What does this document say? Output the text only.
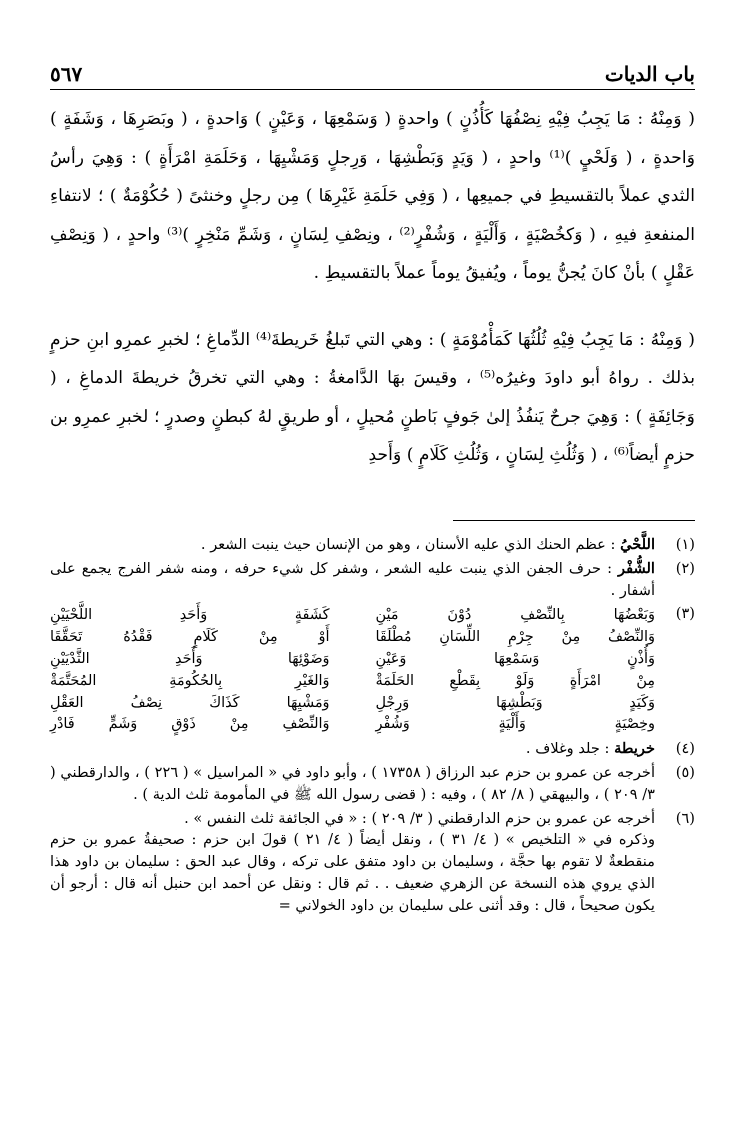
باب الديات
٥٦٧

( وَمِنْهُ : مَا يَجِبُ فِيْهِ نِصْفُهَا كَأُذُنٍ ) واحدةٍ ( وَسَمْعِهَا ، وَعَيْنٍ ) وَاحدةٍ ، ( وبَصَرِهَا ، وَشَفَةٍ ) وَاحدةٍ ، ( وَلَحْيٍ )⁽¹⁾ واحدٍ ، ( وَيَدٍ وَبَطْشِهَا ، وَرِجلٍ وَمَشْيِهَا ، وَحَلَمَةِ امْرَأَةٍ ) : وَهِيَ رأسُ الثدي عملاً بالتقسيطِ في جميعِها ، ( وَفِي حَلَمَةِ غَيْرِهَا ) مِن رجلٍ وخنثىً ( حُكُوْمَةٌ ) ؛ لانتفاءِ المنفعةِ فيهِ ، ( وَكخُصْيَةٍ ، وَأَلْيَةٍ ، وَشُفْرٍ⁽²⁾ ، ونِصْفِ لِسَانٍ ، وَشَمِّ مَنْخِرٍ )⁽³⁾ واحدٍ ، ( وَنِصْفِ عَقْلٍ ) بأنْ كانَ يُجنُّ يوماً ، ويُفيقُ يوماً عملاً بالتقسيطِ .

( وَمِنْهُ : مَا يَجِبُ فِيْهِ ثُلُثُهَا كَمَأْمُوْمَةٍ ) : وهي التي تَبلغُ خَريطةَ⁽⁴⁾ الدِّماغِ ؛ لخبرِ عمرِو ابنِ حزمٍ بذلك . رواهُ أبو داودَ وغيرُه⁽⁵⁾ ، وقيسَ بهَا الدَّامغةُ : وهي التي تخرقُ خريطةَ الدماغِ ، ( وَجَائِفَةٍ ) : وَهِيَ جرحٌ يَنفُذُ إلىٰ جَوفٍ بَاطنٍ مُحيلٍ ، أو طريقٍ لهُ كبطنٍ وصدرٍ ؛ لخبرِ عمرِو بن حزمٍ أيضاً⁽⁶⁾ ، ( وَثُلُثِ لِسَانٍ ، وَثُلُثِ كَلَامٍ ) وَأَحدِ

(١)
اللَّحْيُ : عظم الحنك الذي عليه الأسنان ، وهو من الإنسان حيث ينبت الشعر .
(٢)
الشُّفْر : حرف الجفن الذي ينبت عليه الشعر ، وشفر كل شيء حرفه ، ومنه شفر الفرج يجمع على أشفار .
(٣)
وَبَعْضُهَا بِالنِّصْفِ دُوْنَ مَيْنِ
كَشَفَةٍ وَأَحَدِ اللَّحْيَيْنِ
وَالنِّصْفُ مِنْ جِرْمِ اللِّسَانِ مُطْلَقَا
أَوْ مِنْ كَلَامٍ فَقْدُهُ تَحَقَّقَا
وَأُذْنٍ وَسَمْعِهَا وَعَيْنِ
وَضَوْئِهَا وَأَحَدِ الثَّدْيَيْنِ
مِنْ امْرَأَةٍ وَلَوْ بِقَطْعِ الحَلَمَةْ
وَالغَيْرِ بِالحُكُومَةِ المُحَتَّمَةْ
وَكَيَدٍ وَبَطْشِهَا وَرِجْلِ
وَمَشْيِهَا كَذَاكَ نِصْفُ العَقْلِ
وخِصْيَةٍ وَأَلْيَةٍ وَشُفْرِ
وَالنِّصْفِ مِنْ ذَوْقٍ وَشَمٍّ فَادْرِ
(٤)
خريطة : جلد وغلاف .
(٥)
أخرجه عن عمرو بن حزم عبد الرزاق ( ١٧٣٥٨ ) ، وأبو داود في « المراسيل » ( ٢٢٦ ) ، والدارقطني ( ٣/ ٢٠٩ ) ، والبيهقي ( ٨/ ٨٢ ) ، وفيه : ( قضى رسول الله ﷺ في المأمومة ثلث الدية ) .
(٦)
أخرجه عن عمرو بن حزم الدارقطني ( ٣/ ٢٠٩ ) : « في الجائفة ثلث النفس » .
وذكره في « التلخيص » ( ٤/ ٣١ ) ، ونقل أيضاً ( ٤/ ٢١ ) قولَ ابن حزم : صحيفةُ عمرو بن حزم منقطعةٌ لا تقوم بها حجَّة ، وسليمان بن داود متفق على تركه ، وقال عبد الحق : سليمان بن داود هذا الذي يروي هذه النسخة عن الزهري ضعيف . . ثم قال : ونقل عن أحمد ابن حنبل أنه قال : أرجو أن يكون صحيحاً ، قال : وقد أثنى على سليمان بن داود الخولاني =
